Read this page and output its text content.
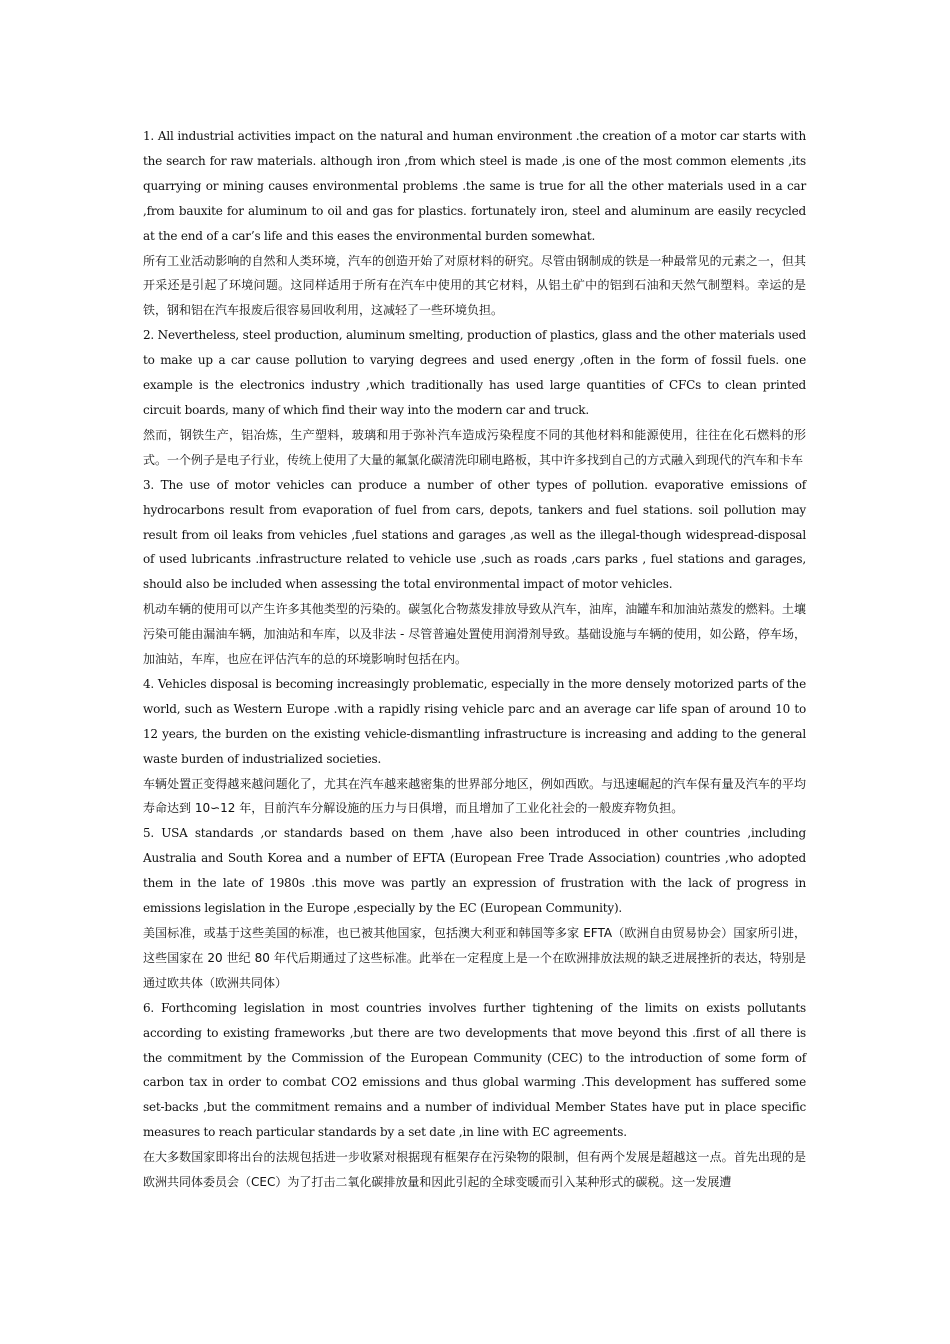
1. All industrial activities impact on the natural and human environment .the creation of a motor car starts with the search for raw materials. although iron ,from which steel is made ,is one of the most common elements ,its quarrying or mining causes environmental problems .the same is true for all the other materials used in a car ,from bauxite for aluminum to oil and gas for plastics. fortunately iron, steel and aluminum are easily recycled at the end of a car’s life and this eases the environmental burden somewhat.

所有工业活动影响的自然和人类环境，汽车的创造开始了对原材料的研究。尽管由钢制成的铁是一种最常见的元素之一，但其开采还是引起了环境问题。这同样适用于所有在汽车中使用的其它材料，从铝土矿中的铝到石油和天然气制塑料。幸运的是铁，钢和铝在汽车报废后很容易回收利用，这减轻了一些环境负担。

2. Nevertheless, steel production, aluminum smelting, production of plastics, glass and the other materials used to make up a car cause pollution to varying degrees and used energy ,often in the form of fossil fuels. one example is the electronics industry ,which traditionally has used large quantities of CFCs to clean printed circuit boards, many of which find their way into the modern car and truck.

然而，钢铁生产，铝冶炼，生产塑料，玻璃和用于弥补汽车造成污染程度不同的其他材料和能源使用，往往在化石燃料的形式。一个例子是电子行业，传统上使用了大量的氟氯化碳清洗印刷电路板，其中许多找到自己的方式融入到现代的汽车和卡车

3. The use of motor vehicles can produce a number of other types of pollution. evaporative emissions of hydrocarbons result from evaporation of fuel from cars, depots, tankers and fuel stations. soil pollution may result from oil leaks from vehicles ,fuel stations and garages ,as well as the illegal-though widespread-disposal of used lubricants .infrastructure related to vehicle use ,such as roads ,cars parks , fuel stations and garages, should also be included when assessing the total environmental impact of motor vehicles.

机动车辆的使用可以产生许多其他类型的污染的。碳氢化合物蒸发排放导致从汽车，油库，油罐车和加油站蒸发的燃料。土壤污染可能由漏油车辆，加油站和车库，以及非法 - 尽管普遍处置使用润滑剂导致。基础设施与车辆的使用，如公路，停车场，加油站，车库，也应在评估汽车的总的环境影响时包括在内。

4. Vehicles disposal is becoming increasingly problematic, especially in the more densely motorized parts of the world, such as Western Europe .with a rapidly rising vehicle parc and an average car life span of around 10 to 12 years, the burden on the existing vehicle-dismantling infrastructure is increasing and adding to the general waste burden of industrialized societies.

车辆处置正变得越来越问题化了，尤其在汽车越来越密集的世界部分地区，例如西欧。与迅速崛起的汽车保有量及汽车的平均寿命达到 10∽12 年，目前汽车分解设施的压力与日俱增，而且增加了工业化社会的一般废弃物负担。

5. USA standards ,or standards based on them ,have also been introduced in other countries ,including Australia and South Korea and a number of EFTA (European Free Trade Association) countries ,who adopted them in the late of 1980s .this move was partly an expression of frustration with the lack of progress in emissions legislation in the Europe ,especially by the EC (European Community).

美国标准，或基于这些美国的标准，也已被其他国家，包括澳大利亚和韩国等多家 EFTA（欧洲自由贸易协会）国家所引进，这些国家在 20 世纪 80 年代后期通过了这些标准。此举在一定程度上是一个在欧洲排放法规的缺乏进展挫折的表达，特别是通过欧共体（欧洲共同体）

6. Forthcoming legislation in most countries involves further tightening of the limits on exists pollutants according to existing frameworks ,but there are two developments that move beyond this .first of all there is the commitment by the Commission of the European Community (CEC) to the introduction of some form of carbon tax in order to combat CO2 emissions and thus global warming .This development has suffered some set-backs ,but the commitment remains and a number of individual Member States have put in place specific measures to reach particular standards by a set date ,in line with EC agreements.

在大多数国家即将出台的法规包括进一步收紧对根据现有框架存在污染物的限制，但有两个发展是超越这一点。首先出现的是欧洲共同体委员会（CEC）为了打击二氧化碳排放量和因此引起的全球变暖而引入某种形式的碳税。这一发展遭
